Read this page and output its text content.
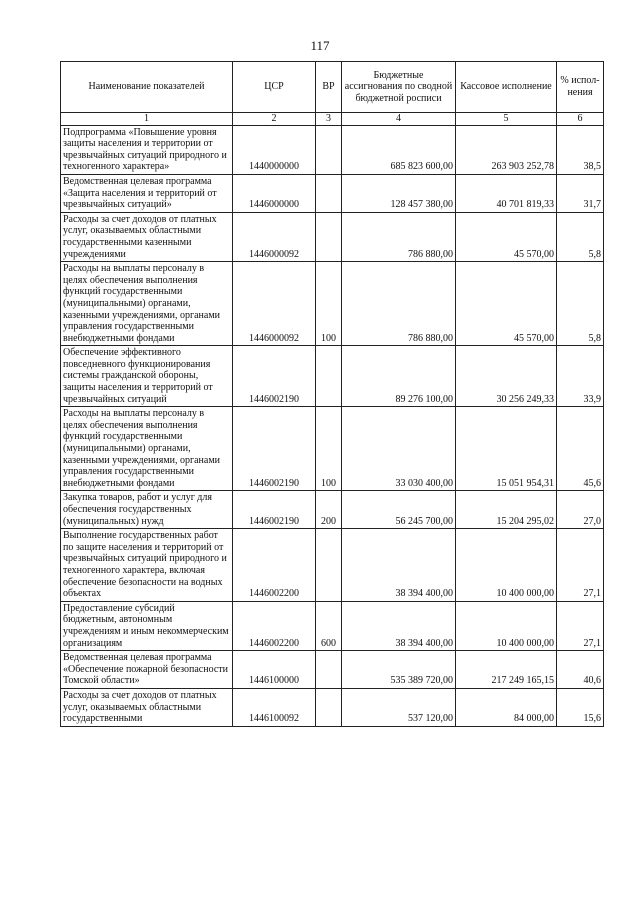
117
Наименование показателей	ЦСР	ВР	Бюджетные ассигнования по сводной бюджетной росписи	Кассовое исполнение	% испол-нения
1	2	3	4	5	6
Подпрограмма «Повышение уровня защиты населения и территории от чрезвычайных ситуаций природного и техногенного характера»	1440000000		685 823 600,00	263 903 252,78	38,5
Ведомственная целевая программа «Защита населения и территорий от чрезвычайных ситуаций»	1446000000		128 457 380,00	40 701 819,33	31,7
Расходы за счет доходов от платных услуг, оказываемых областными государственными казенными учреждениями	1446000092		786 880,00	45 570,00	5,8
Расходы на выплаты персоналу в целях обеспечения выполнения функций государственными (муниципальными) органами, казенными учреждениями, органами управления государственными внебюджетными фондами	1446000092	100	786 880,00	45 570,00	5,8
Обеспечение эффективного повседневного функционирования системы гражданской обороны, защиты населения и территорий от чрезвычайных ситуаций	1446002190		89 276 100,00	30 256 249,33	33,9
Расходы на выплаты персоналу в целях обеспечения выполнения функций государственными (муниципальными) органами, казенными учреждениями, органами управления государственными внебюджетными фондами	1446002190	100	33 030 400,00	15 051 954,31	45,6
Закупка товаров, работ и услуг для обеспечения государственных (муниципальных) нужд	1446002190	200	56 245 700,00	15 204 295,02	27,0
Выполнение государственных работ по защите населения и территорий от чрезвычайных ситуаций природного и техногенного характера, включая обеспечение безопасности на водных объектах	1446002200		38 394 400,00	10 400 000,00	27,1
Предоставление субсидий бюджетным, автономным учреждениям и иным некоммерческим организациям	1446002200	600	38 394 400,00	10 400 000,00	27,1
Ведомственная целевая программа «Обеспечение пожарной безопасности Томской области»	1446100000		535 389 720,00	217 249 165,15	40,6
Расходы за счет доходов от платных услуг, оказываемых областными государственными	1446100092		537 120,00	84 000,00	15,6
